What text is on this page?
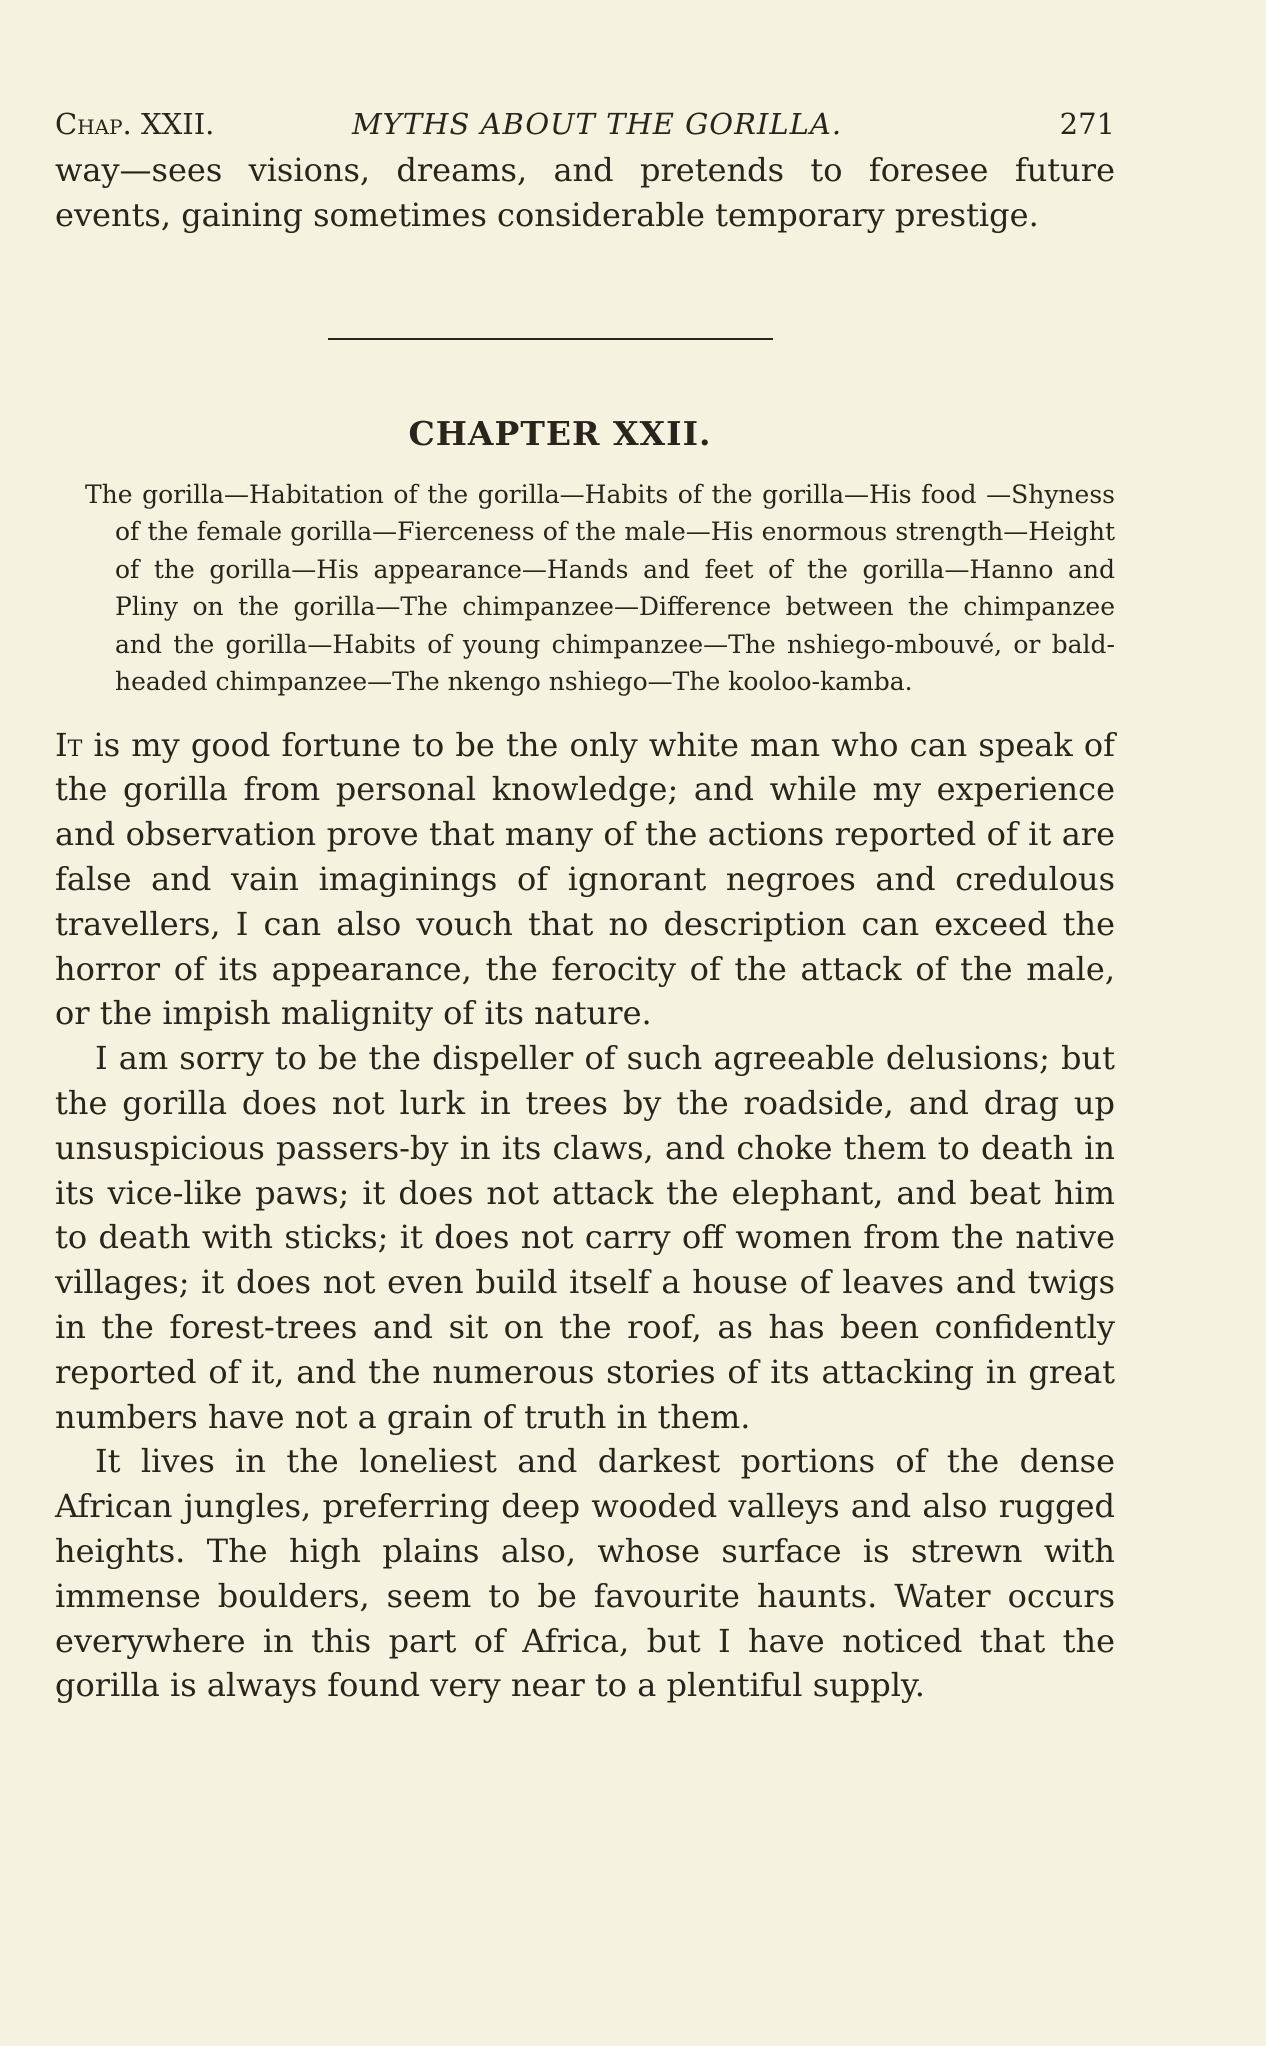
Chap. XXII.	MYTHS ABOUT THE GORILLA.	271

way—sees visions, dreams, and pretends to foresee future events, gaining sometimes considerable temporary prestige.

CHAPTER XXII.

The gorilla—Habitation of the gorilla—Habits of the gorilla—His food —Shyness of the female gorilla—Fierceness of the male—His enormous strength—Height of the gorilla—His appearance—Hands and feet of the gorilla—Hanno and Pliny on the gorilla—The chimpanzee—Difference between the chimpanzee and the gorilla—Habits of young chimpanzee—The nshiego-mbouvé, or bald-headed chimpanzee—The nkengo nshiego—The kooloo-kamba.

It is my good fortune to be the only white man who can speak of the gorilla from personal knowledge; and while my experience and observation prove that many of the actions reported of it are false and vain imaginings of ignorant negroes and credulous travellers, I can also vouch that no description can exceed the horror of its appearance, the ferocity of the attack of the male, or the impish malignity of its nature.

I am sorry to be the dispeller of such agreeable delusions; but the gorilla does not lurk in trees by the roadside, and drag up unsuspicious passers-by in its claws, and choke them to death in its vice-like paws; it does not attack the elephant, and beat him to death with sticks; it does not carry off women from the native villages; it does not even build itself a house of leaves and twigs in the forest-trees and sit on the roof, as has been confidently reported of it, and the numerous stories of its attacking in great numbers have not a grain of truth in them.

It lives in the loneliest and darkest portions of the dense African jungles, preferring deep wooded valleys and also rugged heights. The high plains also, whose surface is strewn with immense boulders, seem to be favourite haunts. Water occurs everywhere in this part of Africa, but I have noticed that the gorilla is always found very near to a plentiful supply.
